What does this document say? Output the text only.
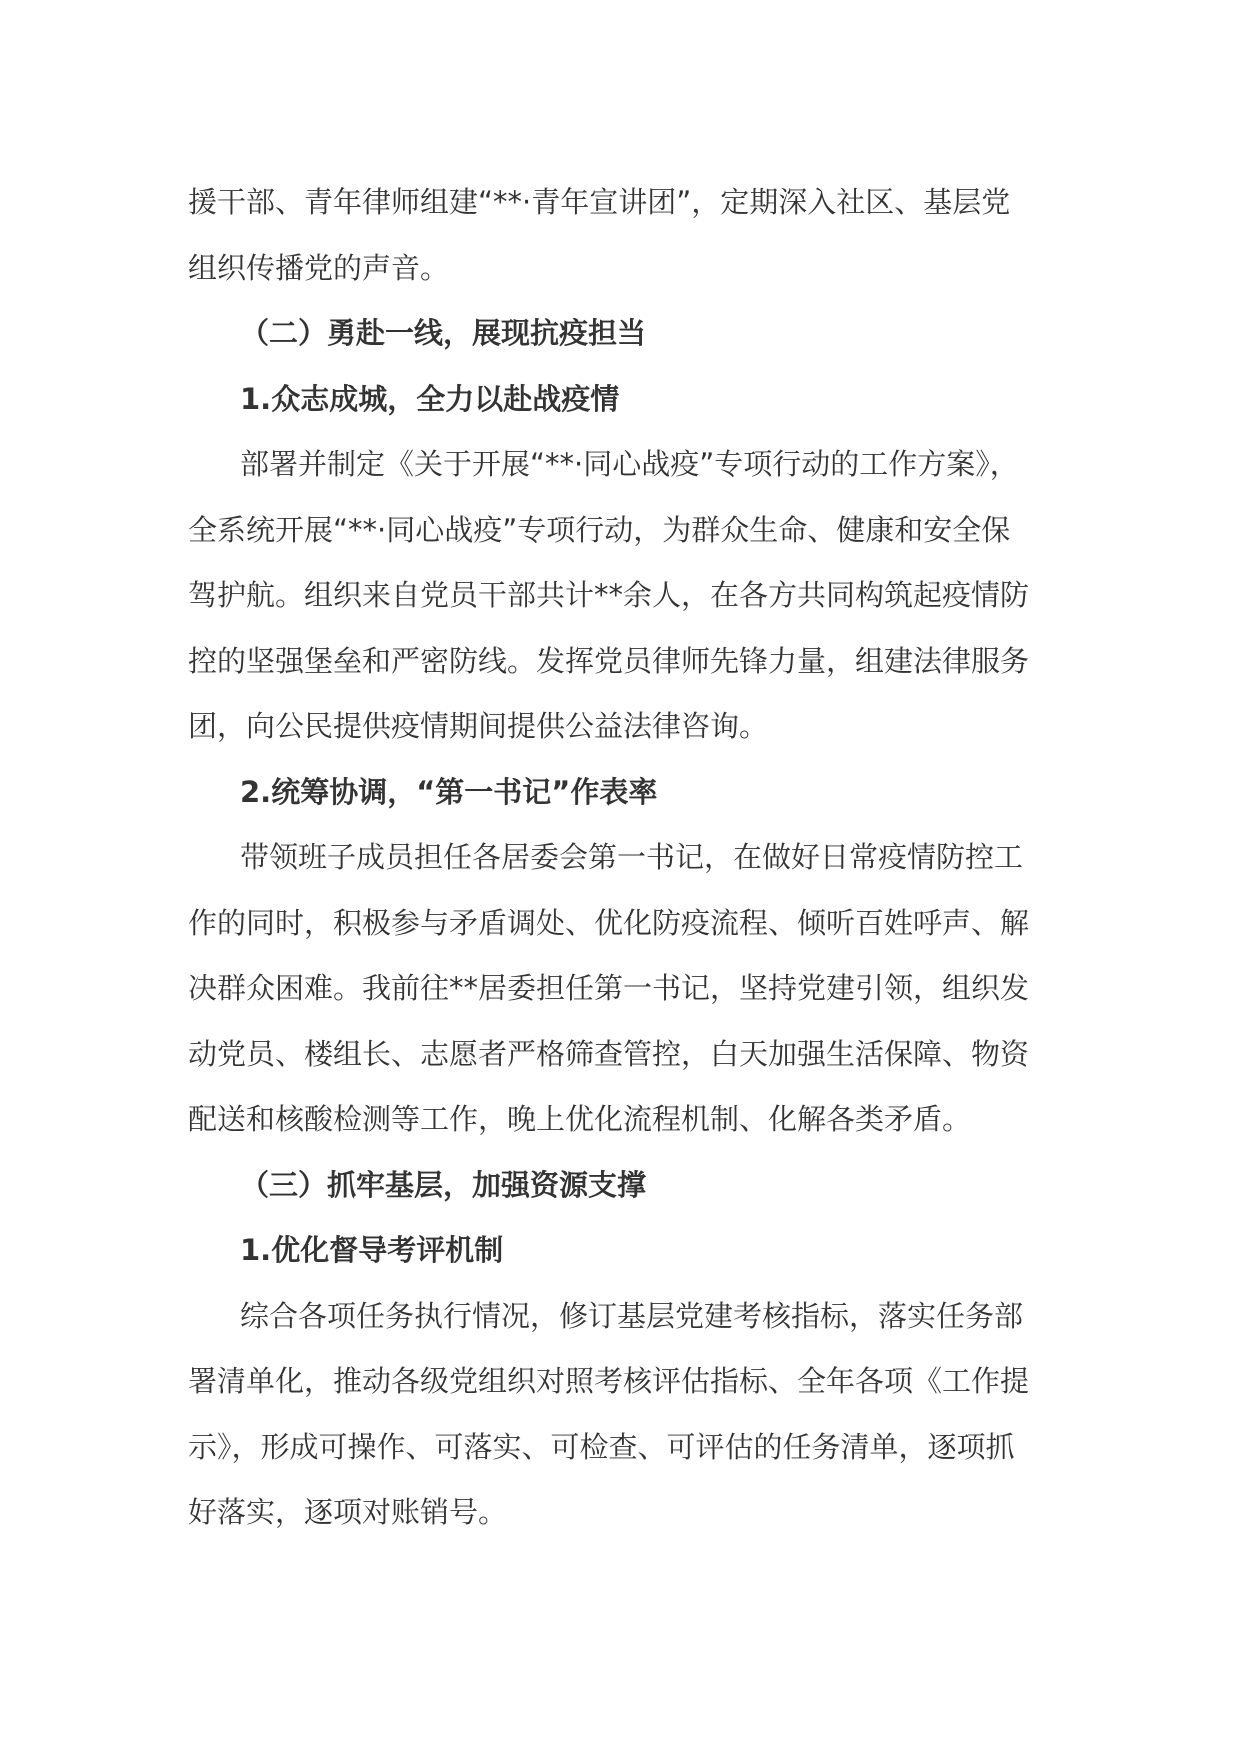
援干部、青年律师组建“**·青年宣讲团”，定期深入社区、基层党
组织传播党的声音。
（二）勇赴一线，展现抗疫担当
1.众志成城，全力以赴战疫情
部署并制定《关于开展“**·同心战疫”专项行动的工作方案》，
全系统开展“**·同心战疫”专项行动，为群众生命、健康和安全保
驾护航。组织来自党员干部共计**余人，在各方共同构筑起疫情防
控的坚强堡垒和严密防线。发挥党员律师先锋力量，组建法律服务
团，向公民提供疫情期间提供公益法律咨询。
2.统筹协调，“第一书记”作表率
带领班子成员担任各居委会第一书记，在做好日常疫情防控工
作的同时，积极参与矛盾调处、优化防疫流程、倾听百姓呼声、解
决群众困难。我前往**居委担任第一书记，坚持党建引领，组织发
动党员、楼组长、志愿者严格筛查管控，白天加强生活保障、物资
配送和核酸检测等工作，晚上优化流程机制、化解各类矛盾。
（三）抓牢基层，加强资源支撑
1.优化督导考评机制
综合各项任务执行情况，修订基层党建考核指标，落实任务部
署清单化，推动各级党组织对照考核评估指标、全年各项《工作提
示》，形成可操作、可落实、可检查、可评估的任务清单，逐项抓
好落实，逐项对账销号。
